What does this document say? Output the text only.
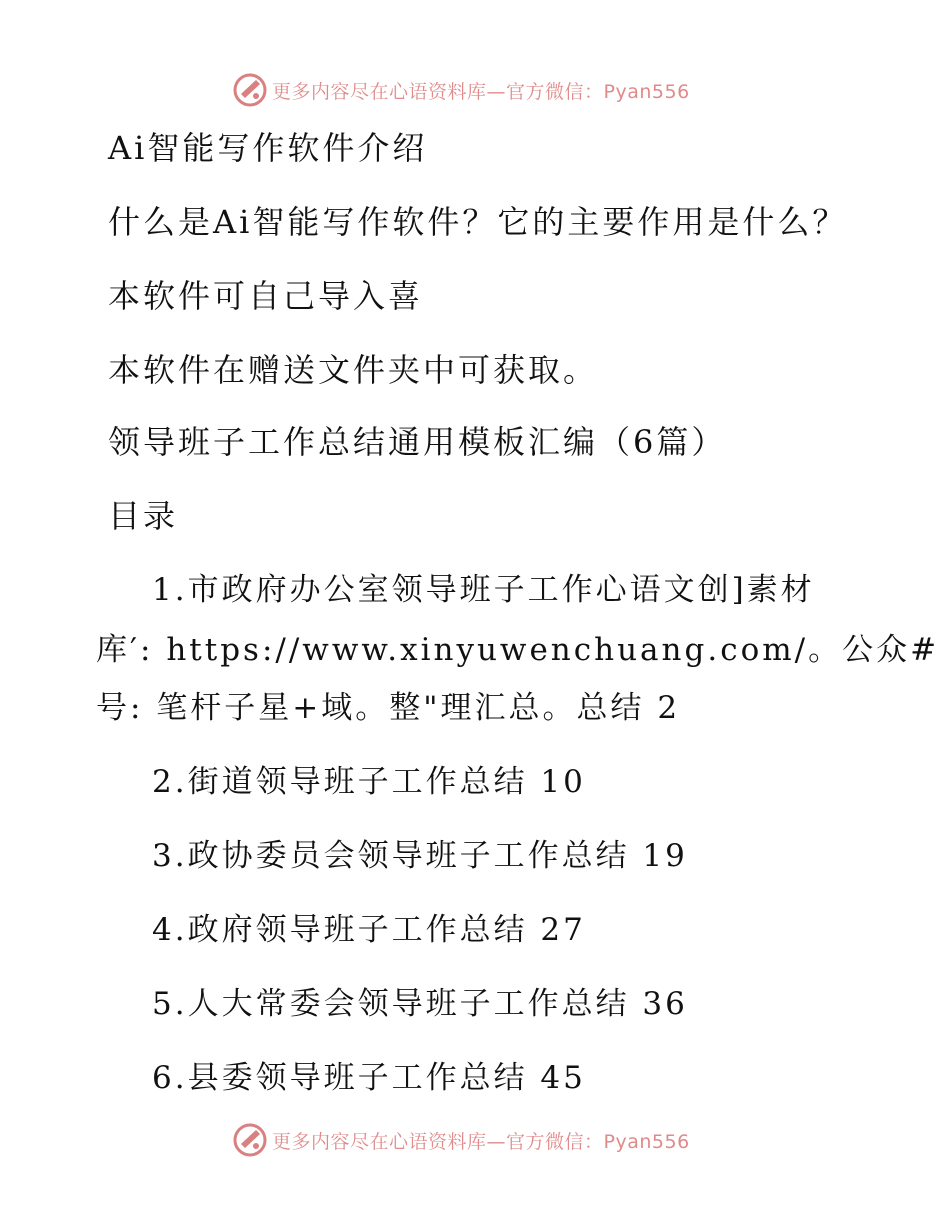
更多内容尽在心语资料库—官方微信：Pyan556

Ai智能写作软件介绍

什么是Ai智能写作软件？它的主要作用是什么？

本软件可自己导入喜

本软件在赠送文件夹中可获取。

领导班子工作总结通用模板汇编（6篇）

目录

1.市政府办公室领导班子工作心语文创]素材

库′: https://www.xinyuwenchuang.com/。公众#

号: 笔杆子星+域。整"理汇总。总结 2

2.街道领导班子工作总结 10

3.政协委员会领导班子工作总结 19

4.政府领导班子工作总结 27

5.人大常委会领导班子工作总结 36

6.县委领导班子工作总结 45

更多内容尽在心语资料库—官方微信：Pyan556
